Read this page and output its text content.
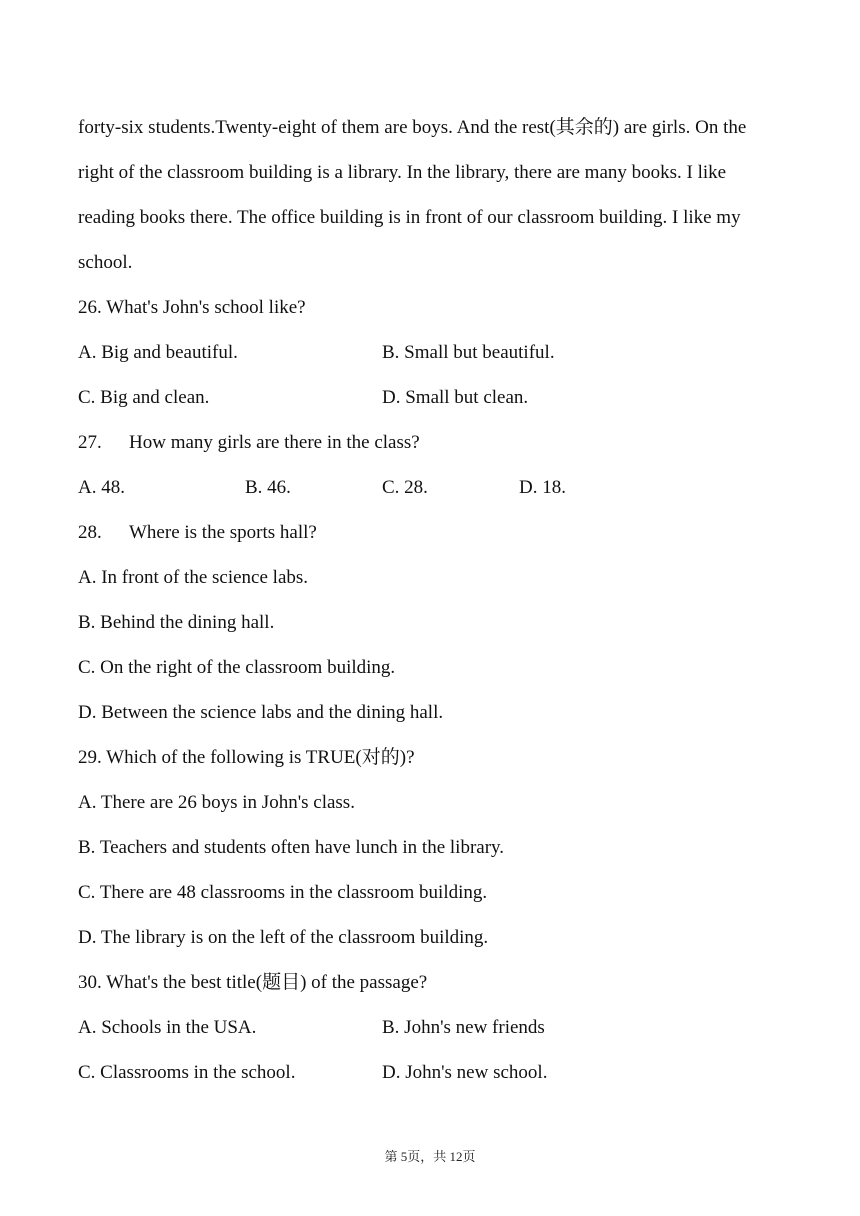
forty-six students.Twenty-eight of them are boys. And the rest(其余的) are girls. On the
right of the classroom building is a library. In the library, there are many books. I like
reading books there. The office building is in front of our classroom building. I like my
school.
26. What's John's school like?
A. Big and beautiful.	B. Small but beautiful.
C. Big and clean.	D. Small but clean.
27. How many girls are there in the class?
A. 48.	B. 46.	C. 28.	D. 18.
28. Where is the sports hall?
A. In front of the science labs.
B. Behind the dining hall.
C. On the right of the classroom building.
D. Between the science labs and the dining hall.
29. Which of the following is TRUE(对的)?
A. There are 26 boys in John's class.
B. Teachers and students often have lunch in the library.
C. There are 48 classrooms in the classroom building.
D. The library is on the left of the classroom building.
30. What's the best title(题目) of the passage?
A. Schools in the USA.	B. John's new friends
C. Classrooms in the school.	D. John's new school.
第 5页，共 12页
